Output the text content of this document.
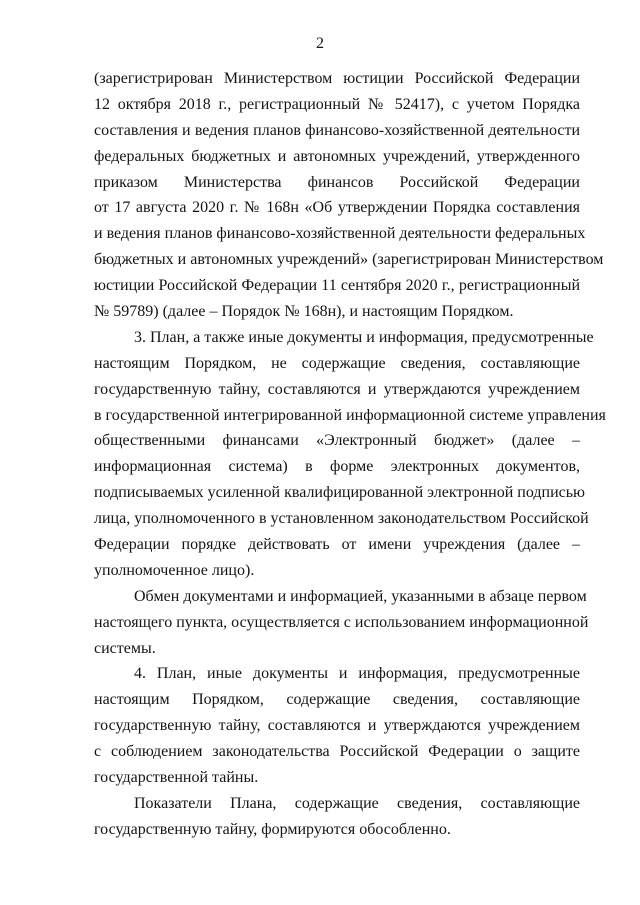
2
(зарегистрирован Министерством юстиции Российской Федерации
12 октября 2018 г., регистрационный № 52417), с учетом Порядка
составления и ведения планов финансово-хозяйственной деятельности
федеральных бюджетных и автономных учреждений, утвержденного
приказом Министерства финансов Российской Федерации
от 17 августа 2020 г. № 168н «Об утверждении Порядка составления
и ведения планов финансово-хозяйственной деятельности федеральных
бюджетных и автономных учреждений» (зарегистрирован Министерством
юстиции Российской Федерации 11 сентября 2020 г., регистрационный
№ 59789) (далее – Порядок № 168н), и настоящим Порядком.
3. План, а также иные документы и информация, предусмотренные
настоящим Порядком, не содержащие сведения, составляющие
государственную тайну, составляются и утверждаются учреждением
в государственной интегрированной информационной системе управления
общественными финансами «Электронный бюджет» (далее –
информационная система) в форме электронных документов,
подписываемых усиленной квалифицированной электронной подписью
лица, уполномоченного в установленном законодательством Российской
Федерации порядке действовать от имени учреждения (далее –
уполномоченное лицо).
Обмен документами и информацией, указанными в абзаце первом
настоящего пункта, осуществляется с использованием информационной
системы.
4. План, иные документы и информация, предусмотренные
настоящим Порядком, содержащие сведения, составляющие
государственную тайну, составляются и утверждаются учреждением
с соблюдением законодательства Российской Федерации о защите
государственной тайны.
Показатели Плана, содержащие сведения, составляющие
государственную тайну, формируются обособленно.
